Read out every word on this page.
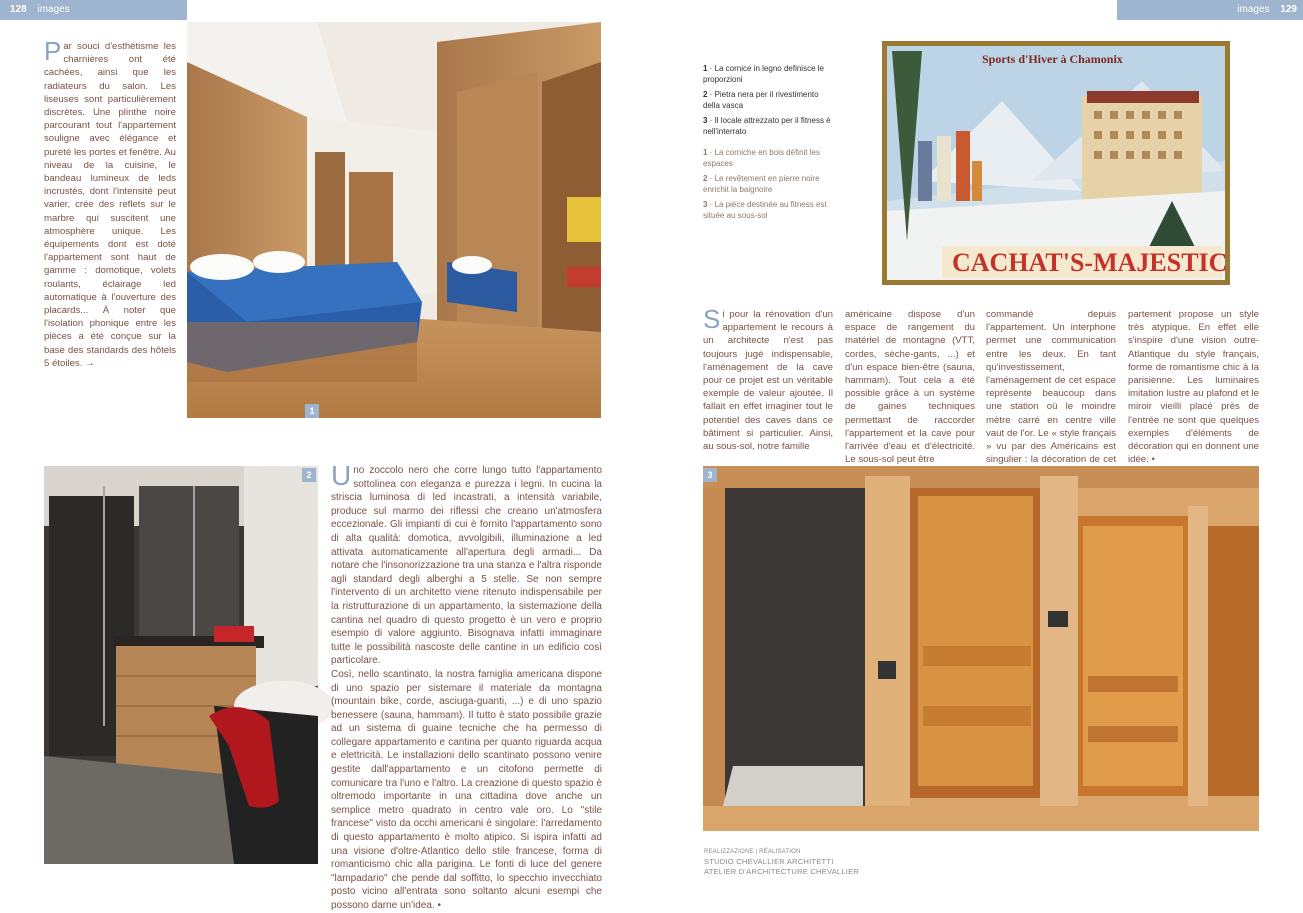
128 images	images 129
P ar souci d'esthétisme les charnières ont été cachées, ainsi que les radiateurs du salon. Les liseuses sont particulièrement discrètes. Une plinthe noire parcourant tout l'appartement souligne avec élégance et pureté les portes et fenêtre. Au niveau de la cuisine, le bandeau lumineux de leds incrustés, dont l'intensité peut varier, crée des reflets sur le marbre qui suscitent une atmosphère unique. Les équipements dont est doté l'appartement sont haut de gamme : domotique, volets roulants, éclairage led automatique à l'ouverture des placards... À noter que l'isolation phonique entre les pièces a été conçue sur la base des standards des hôtels 5 étoiles. →
1
Sports d'Hiver à Chamonix
CACHAT'S-MAJESTIC
1 · La cornice in legno definisce le proporzioni
2 · Pietra nera per il rivestimento della vasca
3 · Il locale attrezzato per il fitness è nell'interrato
1 · La corniche en bois définit les espaces
2 · Le revêtement en pierre noire enrichit la baignoire
3 · La pièce destinée au fitness est située au sous-sol
S i pour la rénovation d'un appartement le recours à un architecte n'est pas toujours jugé indispensable, l'aménagement de la cave pour ce projet est un véritable exemple de valeur ajoutée. Il fallait en effet imaginer tout le potentiel des caves dans ce bâtiment si particulier. Ainsi, au sous-sol, notre famille
américaine dispose d'un espace de rangement du matériel de montagne (VTT, cordes, sèche-gants, ...) et d'un espace bien-être (sauna, hammam). Tout cela a été possible grâce à un système de gaines techniques permettant de raccorder l'appartement et la cave pour l'arrivée d'eau et d'électricité. Le sous-sol peut être
commandé depuis l'appartement. Un interphone permet une communication entre les deux. En tant qu'investissement, l'aménagement de cet espace représente beaucoup dans une station où le moindre mètre carré en centre ville vaut de l'or. Le « style français » vu par des Américains est singulier : la décoration de cet
partement propose un style très atypique. En effet elle s'inspire d'une vision outre-Atlantique du style français, forme de romantisme chic à la parisienne. Les luminaires imitation lustre au plafond et le miroir vieilli placé près de l'entrée ne sont que quelques exemples d'éléments de décoration qui en donnent une idée. •
2 U no zoccolo nero che corre lungo tutto l'appartamento sottolinea con eleganza e purezza i legni. In cucina la striscia luminosa di led incastrati, a intensità variabile, produce sul marmo dei riflessi che creano un'atmosfera eccezionale. Gli impianti di cui è fornito l'appartamento sono di alta qualità: domotica, avvolgibili, illuminazione a led attivata automaticamente all'apertura degli armadi... Da notare che l'insonorizzazione tra una stanza e l'altra risponde agli standard degli alberghi a 5 stelle. Se non sempre l'intervento di un architetto viene ritenuto indispensabile per la ristrutturazione di un appartamento, la sistemazione della cantina nel quadro di questo progetto è un vero e proprio esempio di valore aggiunto. Bisognava infatti immaginare tutte le possibilità nascoste delle cantine in un edificio così particolare.
Così, nello scantinato, la nostra famiglia americana dispone di uno spazio per sistemare il materiale da montagna (mountain bike, corde, asciuga-guanti, ...) e di uno spazio benessere (sauna, hammam). Il tutto è stato possibile grazie ad un sistema di guaine tecniche che ha permesso di collegare appartamento e cantina per quanto riguarda acqua e elettricità. Le installazioni dello scantinato possono venire gestite dall'appartamento e un citofono permette di comunicare tra l'uno e l'altro. La creazione di questo spazio è oltremodo importante in una cittadina dove anche un semplice metro quadrato in centro vale oro. Lo "stile francese" visto da occhi americani è singolare: l'arredamento di questo appartamento è molto atipico. Si ispira infatti ad una visione d'oltre-Atlantico dello stile francese, forma di romanticismo chic alla parigina. Le fonti di luce del genere "lampadario" che pende dal soffitto, lo specchio invecchiato posto vicino all'entrata sono soltanto alcuni esempi che possono darne un'idea. •
3
REALIZZAZIONE | RÉALISATION
STUDIO CHEVALLIER ARCHITETTI
ATELIER D'ARCHITECTURE CHEVALLIER
